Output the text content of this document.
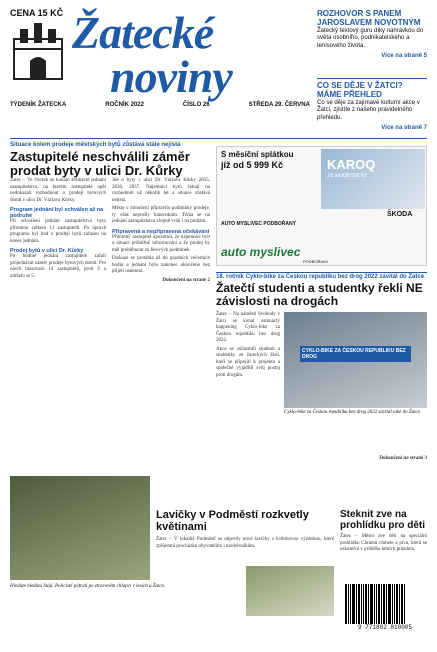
CENA 15 KČ Žatecké
noviny
TÝDENÍK ŽATECKA	ROČNÍK 2022	ČÍSLO 26	STŘEDA 29. ČERVNA
ROZHOVOR S PANEM JAROSLAVEM NOVOTNÝM

Žatecký textový guru díky nahrávkou do světa osobního, podnikatelského a tenisového života.

Více na straně 5
CO SE DĚJE V ŽATCI? MÁME PŘEHLED

Co se děje za zajímavé kulturní akce v Žatci, zjistíte z našeho pravidelného přehledu.

Více na straně 7
Situace kolem prodeje městských bytů zůstává stále nejistá
Zastupitelé neschválili záměr prodat byty v ulici Dr. Kůrky

Žatec – Ve čtvrtek se konalo šestnácté jednání zastupitelstva, na kterém zastupitelé opět nedokázali rozhodnout o prodeji bytových domů v ulici Dr. Václava Kůrky.

Program jednání byl schválen až na podruhé

Při schválení jednání zastupitelstva bylo přítomno celkem 13 zastupitelů. Po úpravě programu byl bod o prodeji bytů zařazen na konec jednání.

Prodej bytů v ulici Dr. Kůrky

Po hodině jednání zastupitelé začali projednávat záměr prodeje bytových domů. Pro návrh hlasovalo 14 zastupitelů, proti 6 a zdrželo se 5.

Jde o byty v ulici Dr. Václava Kůrky 2835, 2836, 2837. Nájemníci bytů čekají na rozhodnutí už několik let a situace zůstává nejistá.

Město v minulosti připravilo podmínky prodeje, ty však neprošly hlasováním. Téma se na jednání zastupitelstva zřejmě vrátí i na podzim.

Připravená a nepřipravená očekávání

Přítomný zastupitel upozornil, že nájemníci byli o situaci průběžně informováni a že prodej by měl proběhnout za férových podmínek.

Diskuze se protáhla až do pozdních večerních hodin a jednání bylo nakonec ukončeno bez přijetí usnesení.

Dokončení na straně 2
S měsíční splátkou
již od 5 999 Kč	KAROQ
Již od 638 900 Kč
ŠKODA
AUTO MYSLIVEC PODBOŘANY
auto myslivec
PODBOŘANY
18. ročník Cyklo-bike za Českou republiku bez drog 2022 závitál do Žatce
Žatečtí studenti a studentky řekli NE závislosti na drogách

Žatec – Na náměstí Svobody v Žatci se konal osmnáctý happening Cyklo-bike za Českou republiku bez drog 2022.

Akce se zúčastnili studenti a studentky ze žateckých škol, kteří se připojili k projektu a společně vyjádřili svůj postoj proti drogám.

CYKLO-BIKE ZA ČESKOU REPUBLIKU BEZ DROG
Cyklo-bike za Českou republiku bez drog 2022 závitál také do Žatce.
Dokončení na straně 3
Hledáte hledání Stájí. Policisté pátrali po ztraceném chlapci v lesích u Žatce.
Lavičky v Podměstí rozkvetly květinami

Žatec – V lokalitě Podměstí se objevily nové lavičky s květinovou výzdobou, které zpříjemní procházku obyvatelům i návštěvníkům.

Steknit zve na prohlídku pro děti

Žatec – Město zve děti na speciální prohlídku Chrámu chmele a piva, která se uskuteční v průběhu letních prázdnin.

9 771802 810005
